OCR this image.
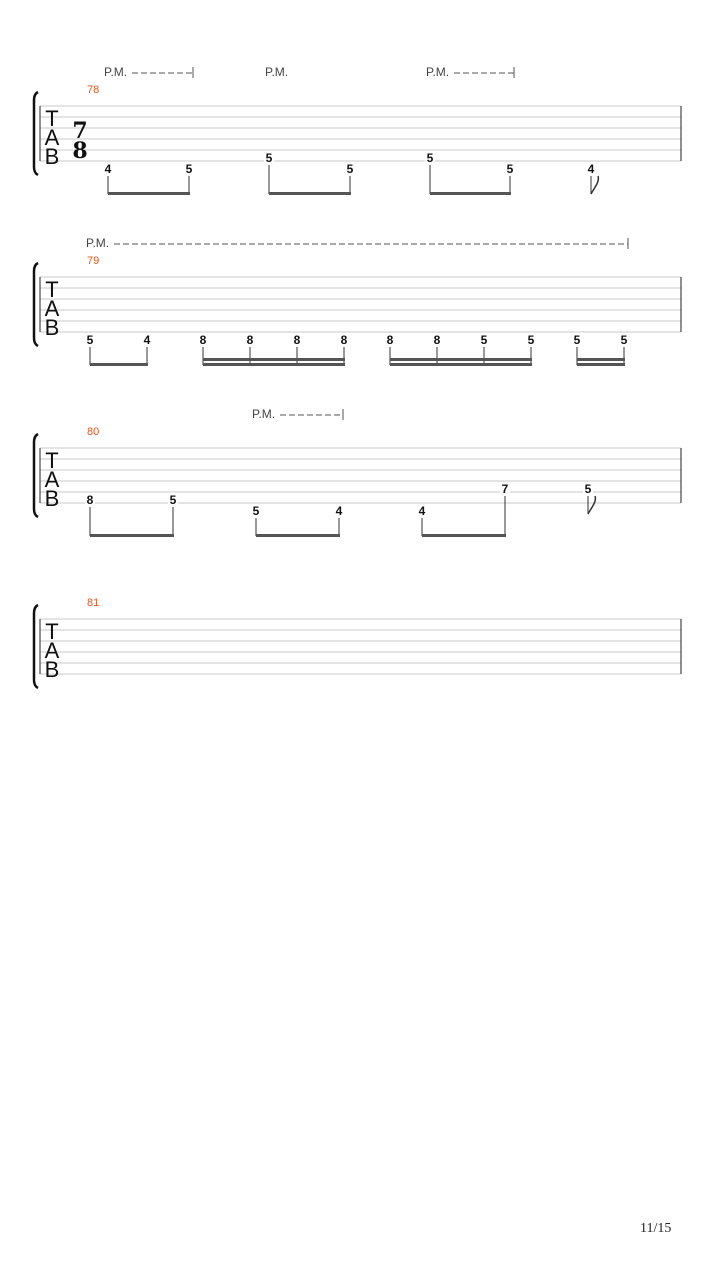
T
A
B
78
7
8
P.M.	P.M.	P.M.
4	5
5
5
5
5	4
T
A
B
79
P.M.
5	4	8	8	8	8	8	8	5	5	5	5
T
A
B
80
P.M.
8	5
5	4	4
7	5
T
A
B
81
11/15
